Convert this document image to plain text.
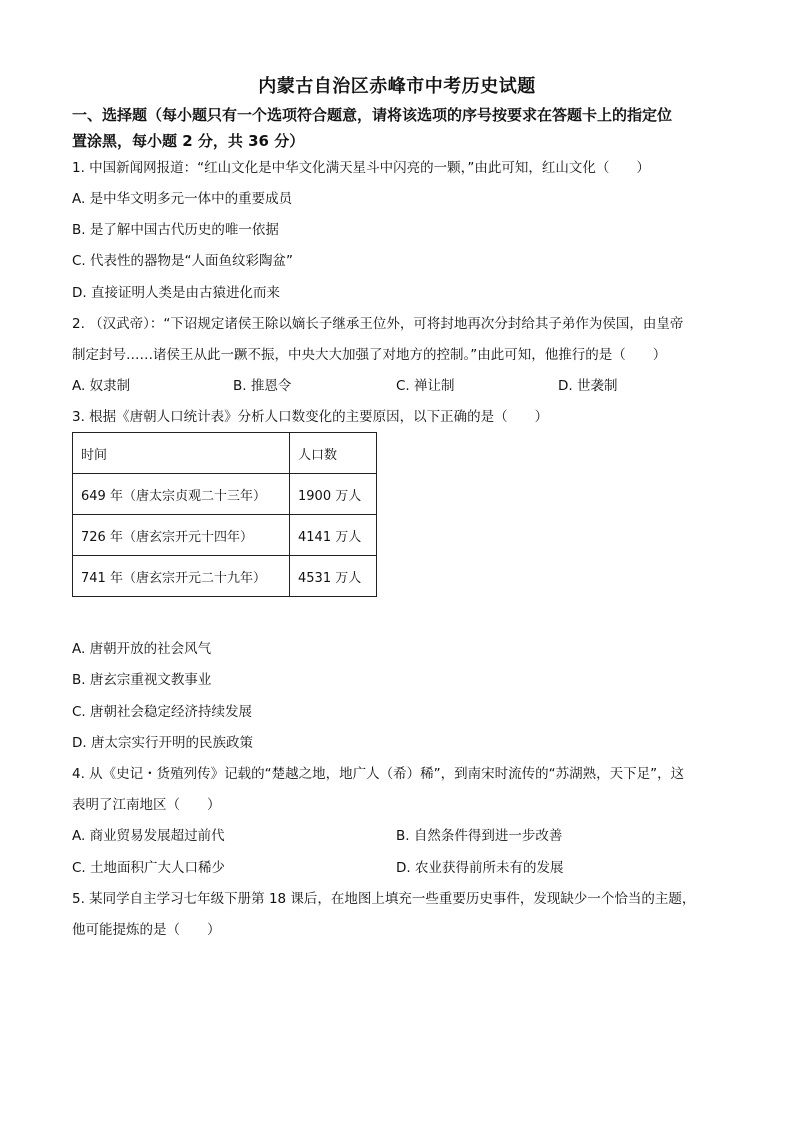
内蒙古自治区赤峰市中考历史试题
一、选择题（每小题只有一个选项符合题意，请将该选项的序号按要求在答题卡上的指定位
置涂黑，每小题 2 分，共 36 分）
1. 中国新闻网报道：“红山文化是中华文化满天星斗中闪亮的一颗，”由此可知，红山文化（　　）
A. 是中华文明多元一体中的重要成员
B. 是了解中国古代历史的唯一依据
C. 代表性的器物是“人面鱼纹彩陶盆”
D. 直接证明人类是由古猿进化而来
2. （汉武帝）：“下诏规定诸侯王除以嫡长子继承王位外，可将封地再次分封给其子弟作为侯国，由皇帝
制定封号……诸侯王从此一蹶不振，中央大大加强了对地方的控制。”由此可知，他推行的是（　　）
A. 奴隶制	B. 推恩令	C. 禅让制	D. 世袭制
3. 根据《唐朝人口统计表》分析人口数变化的主要原因，以下正确的是（　　）
时间	人口数
649 年（唐太宗贞观二十三年）	1900 万人
726 年（唐玄宗开元十四年）	4141 万人
741 年（唐玄宗开元二十九年）	4531 万人
A. 唐朝开放的社会风气
B. 唐玄宗重视文教事业
C. 唐朝社会稳定经济持续发展
D. 唐太宗实行开明的民族政策
4. 从《史记・货殖列传》记载的“楚越之地，地广人（希）稀”，到南宋时流传的“苏湖熟，天下足”，这
表明了江南地区（　　）
A. 商业贸易发展超过前代	B. 自然条件得到进一步改善
C. 土地面积广大人口稀少	D. 农业获得前所未有的发展
5. 某同学自主学习七年级下册第 18 课后，在地图上填充一些重要历史事件，发现缺少一个恰当的主题，
他可能提炼的是（　　）
